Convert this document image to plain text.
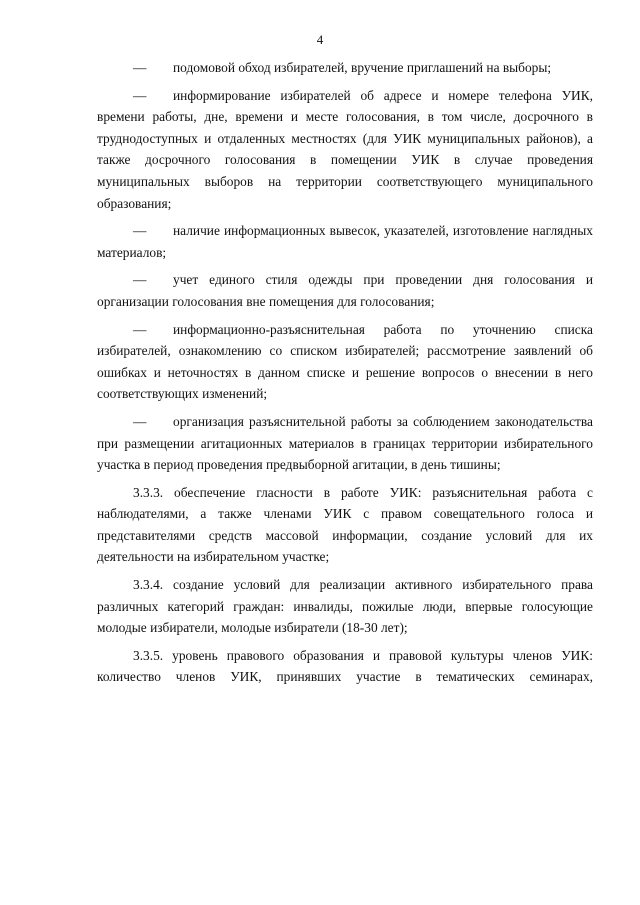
4

— подомовой обход избирателей, вручение приглашений на выборы;

— информирование избирателей об адресе и номере телефона УИК, времени работы, дне, времени и месте голосования, в том числе, досрочного в труднодоступных и отдаленных местностях (для УИК муниципальных районов), а также досрочного голосования в помещении УИК в случае проведения муниципальных выборов на территории соответствующего муниципального образования;

— наличие информационных вывесок, указателей, изготовление наглядных материалов;

— учет единого стиля одежды при проведении дня голосования и организации голосования вне помещения для голосования;

— информационно-разъяснительная работа по уточнению списка избирателей, ознакомлению со списком избирателей; рассмотрение заявлений об ошибках и неточностях в данном списке и решение вопросов о внесении в него соответствующих изменений;

— организация разъяснительной работы за соблюдением законодательства при размещении агитационных материалов в границах территории избирательного участка в период проведения предвыборной агитации, в день тишины;

3.3.3. обеспечение гласности в работе УИК: разъяснительная работа с наблюдателями, а также членами УИК с правом совещательного голоса и представителями средств массовой информации, создание условий для их деятельности на избирательном участке;

3.3.4. создание условий для реализации активного избирательного права различных категорий граждан: инвалиды, пожилые люди, впервые голосующие молодые избиратели, молодые избиратели (18-30 лет);

3.3.5. уровень правового образования и правовой культуры членов УИК: количество членов УИК, принявших участие в тематических семинарах,
